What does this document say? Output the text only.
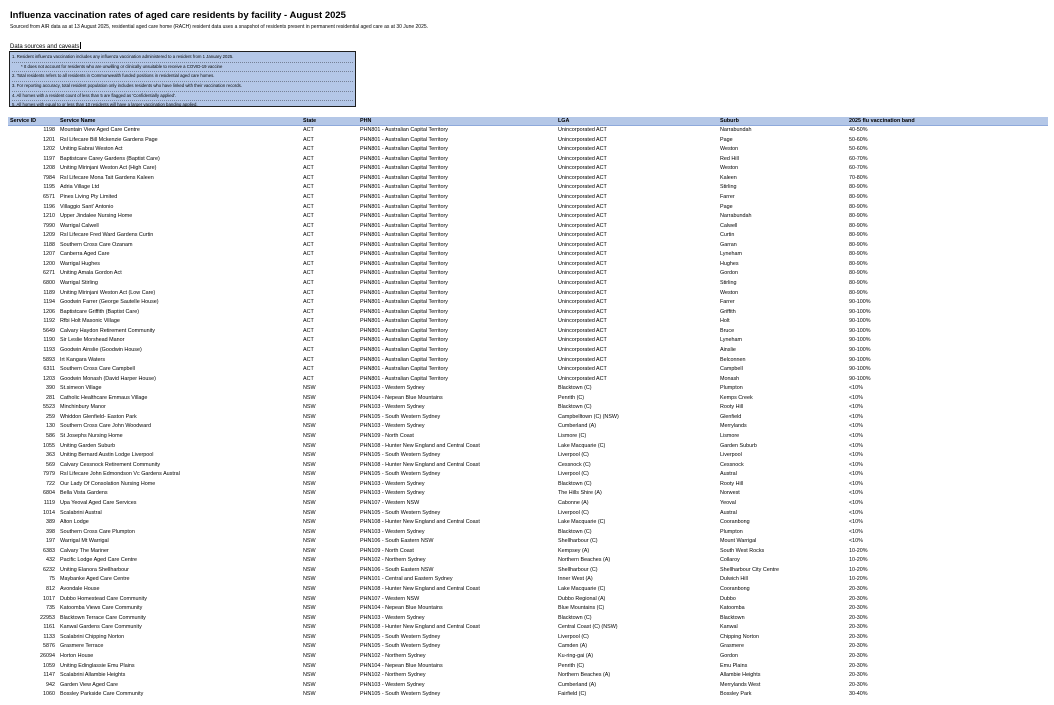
Influenza vaccination rates of aged care residents by facility - August 2025
Sourced from AIR data as at 13 August 2025, residential aged care home (RACH) resident data uses a snapshot of residents present in permanent residential aged care as at 30 June 2025.
Data sources and caveats
1. Resident influenza vaccination includes any influenza vaccination administered to a resident from 1 January 2025.
* It does not account for residents who are unwilling or clinically unsuitable to receive a COVID-19 vaccine
2. Total residents refers to all residents in Commonwealth funded positions in residential aged care homes.
3. For reporting accuracy, total resident population only includes residents who have linked with their vaccination records.
4. All homes with a resident count of less than 5 are flagged as 'Confidentially applied'.
5. All homes with equal to or less than 10 residents will have a larger vaccination banding applied.
Service ID	Service Name	State	PHN	LGA	Suburb	2025 flu vaccination band
1198	Mountain View Aged Care Centre	ACT	PHN801 - Australian Capital Territory	Unincorporated ACT	Narrabundah	40-50%
1201	Rsl Lifecare Bill Mckenzie Gardens Page	ACT	PHN801 - Australian Capital Territory	Unincorporated ACT	Page	50-60%
1202	Uniting Eabrai Weston Act	ACT	PHN801 - Australian Capital Territory	Unincorporated ACT	Weston	50-60%
1197	Baptistcare Carey Gardens (Baptist Care)	ACT	PHN801 - Australian Capital Territory	Unincorporated ACT	Red Hill	60-70%
1208	Uniting Mirinjani Weston Act (High Care)	ACT	PHN801 - Australian Capital Territory	Unincorporated ACT	Weston	60-70%
7984	Rsl Lifecare Mona Tait Gardens Kaleen	ACT	PHN801 - Australian Capital Territory	Unincorporated ACT	Kaleen	70-80%
1195	Adria Village Ltd	ACT	PHN801 - Australian Capital Territory	Unincorporated ACT	Stirling	80-90%
6571	Pines Living Pty Limited	ACT	PHN801 - Australian Capital Territory	Unincorporated ACT	Farrer	80-90%
1196	Villaggio Sant' Antonio	ACT	PHN801 - Australian Capital Territory	Unincorporated ACT	Page	80-90%
1210	Upper Jindalee Nursing Home	ACT	PHN801 - Australian Capital Territory	Unincorporated ACT	Narrabundah	80-90%
7990	Warrigal Calwell	ACT	PHN801 - Australian Capital Territory	Unincorporated ACT	Calwell	80-90%
1209	Rsl Lifecare Fred Ward Gardens Curtin	ACT	PHN801 - Australian Capital Territory	Unincorporated ACT	Curtin	80-90%
1188	Southern Cross Care Ozanam	ACT	PHN801 - Australian Capital Territory	Unincorporated ACT	Garran	80-90%
1207	Canberra Aged Care	ACT	PHN801 - Australian Capital Territory	Unincorporated ACT	Lyneham	80-90%
1200	Warrigal Hughes	ACT	PHN801 - Australian Capital Territory	Unincorporated ACT	Hughes	80-90%
6271	Uniting Amala Gordon Act	ACT	PHN801 - Australian Capital Territory	Unincorporated ACT	Gordon	80-90%
6800	Warrigal Stirling	ACT	PHN801 - Australian Capital Territory	Unincorporated ACT	Stirling	80-90%
1189	Uniting Mirinjani Weston Act (Low Care)	ACT	PHN801 - Australian Capital Territory	Unincorporated ACT	Weston	80-90%
1194	Goodwin Farrer (George Sautelle House)	ACT	PHN801 - Australian Capital Territory	Unincorporated ACT	Farrer	90-100%
1206	Baptistcare Griffith (Baptist Care)	ACT	PHN801 - Australian Capital Territory	Unincorporated ACT	Griffith	90-100%
1192	Rfbi Holt Masonic Village	ACT	PHN801 - Australian Capital Territory	Unincorporated ACT	Holt	90-100%
5649	Calvary Haydon Retirement Community	ACT	PHN801 - Australian Capital Territory	Unincorporated ACT	Bruce	90-100%
1190	Sir Leslie Morshead Manor	ACT	PHN801 - Australian Capital Territory	Unincorporated ACT	Lyneham	90-100%
1193	Goodwin Ainslie (Goodwin House)	ACT	PHN801 - Australian Capital Territory	Unincorporated ACT	Ainslie	90-100%
5893	Irt Kangara Waters	ACT	PHN801 - Australian Capital Territory	Unincorporated ACT	Belconnen	90-100%
6311	Southern Cross Care Campbell	ACT	PHN801 - Australian Capital Territory	Unincorporated ACT	Campbell	90-100%
1203	Goodwin Monash (David Harper House)	ACT	PHN801 - Australian Capital Territory	Unincorporated ACT	Monash	90-100%
390	St.simeon Village	NSW	PHN103 - Western Sydney	Blacktown (C)	Plumpton	<10%
281	Catholic Healthcare Emmaus Village	NSW	PHN104 - Nepean Blue Mountains	Penrith (C)	Kemps Creek	<10%
5523	Minchinbury Manor	NSW	PHN103 - Western Sydney	Blacktown (C)	Rooty Hill	<10%
259	Whiddon Glenfield- Easton Park	NSW	PHN105 - South Western Sydney	Campbelltown (C) (NSW)	Glenfield	<10%
130	Southern Cross Care John Woodward	NSW	PHN103 - Western Sydney	Cumberland (A)	Merrylands	<10%
586	St Josephs Nursing Home	NSW	PHN109 - North Coast	Lismore (C)	Lismore	<10%
1055	Uniting Garden Suburb	NSW	PHN108 - Hunter New England and Central Coast	Lake Macquarie (C)	Garden Suburb	<10%
363	Uniting Bernard Austin Lodge Liverpool	NSW	PHN105 - South Western Sydney	Liverpool (C)	Liverpool	<10%
569	Calvary Cessnock Retirement Community	NSW	PHN108 - Hunter New England and Central Coast	Cessnock (C)	Cessnock	<10%
7979	Rsl Lifecare John Edmondson Vc Gardens Austral	NSW	PHN105 - South Western Sydney	Liverpool (C)	Austral	<10%
722	Our Lady Of Consolation Nursing Home	NSW	PHN103 - Western Sydney	Blacktown (C)	Rooty Hill	<10%
6804	Bella Vista Gardens	NSW	PHN103 - Western Sydney	The Hills Shire (A)	Norwest	<10%
1119	Upa Yeoval Aged Care Services	NSW	PHN107 - Western NSW	Cabonne (A)	Yeoval	<10%
1014	Scalabrini Austral	NSW	PHN105 - South Western Sydney	Liverpool (C)	Austral	<10%
389	Alton Lodge	NSW	PHN108 - Hunter New England and Central Coast	Lake Macquarie (C)	Cooranbong	<10%
398	Southern Cross Care Plumpton	NSW	PHN103 - Western Sydney	Blacktown (C)	Plumpton	<10%
197	Warrigal Mt Warrigal	NSW	PHN106 - South Eastern NSW	Shellharbour (C)	Mount Warrigal	<10%
6383	Calvary The Mariner	NSW	PHN109 - North Coast	Kempsey (A)	South West Rocks	10-20%
432	Pacific Lodge Aged Care Centre	NSW	PHN102 - Northern Sydney	Northern Beaches (A)	Collaroy	10-20%
6232	Uniting Elanora Shellharbour	NSW	PHN106 - South Eastern NSW	Shellharbour (C)	Shellharbour City Centre	10-20%
75	Maybanke Aged Care Centre	NSW	PHN101 - Central and Eastern Sydney	Inner West (A)	Dulwich Hill	10-20%
812	Avondale House	NSW	PHN108 - Hunter New England and Central Coast	Lake Macquarie (C)	Cooranbong	20-30%
1017	Dubbo Homestead Care Community	NSW	PHN107 - Western NSW	Dubbo Regional (A)	Dubbo	20-30%
735	Katoomba Views Care Community	NSW	PHN104 - Nepean Blue Mountains	Blue Mountains (C)	Katoomba	20-30%
22953	Blacktown Terrace Care Community	NSW	PHN103 - Western Sydney	Blacktown (C)	Blacktown	20-30%
1161	Kanwal Gardens Care Community	NSW	PHN108 - Hunter New England and Central Coast	Central Coast (C) (NSW)	Kanwal	20-30%
1133	Scalabrini Chipping Norton	NSW	PHN105 - South Western Sydney	Liverpool (C)	Chipping Norton	20-30%
5876	Grasmere Terrace	NSW	PHN105 - South Western Sydney	Camden (A)	Grasmere	20-30%
26094	Horton House	NSW	PHN102 - Northern Sydney	Ku-ring-gai (A)	Gordon	20-30%
1059	Uniting Edinglassie Emu Plains	NSW	PHN104 - Nepean Blue Mountains	Penrith (C)	Emu Plains	20-30%
1147	Scalabrini Allambie Heights	NSW	PHN102 - Northern Sydney	Northern Beaches (A)	Allambie Heights	20-30%
942	Garden View Aged Care	NSW	PHN103 - Western Sydney	Cumberland (A)	Merrylands West	20-30%
1060	Bossley Parkside Care Community	NSW	PHN105 - South Western Sydney	Fairfield (C)	Bossley Park	30-40%
